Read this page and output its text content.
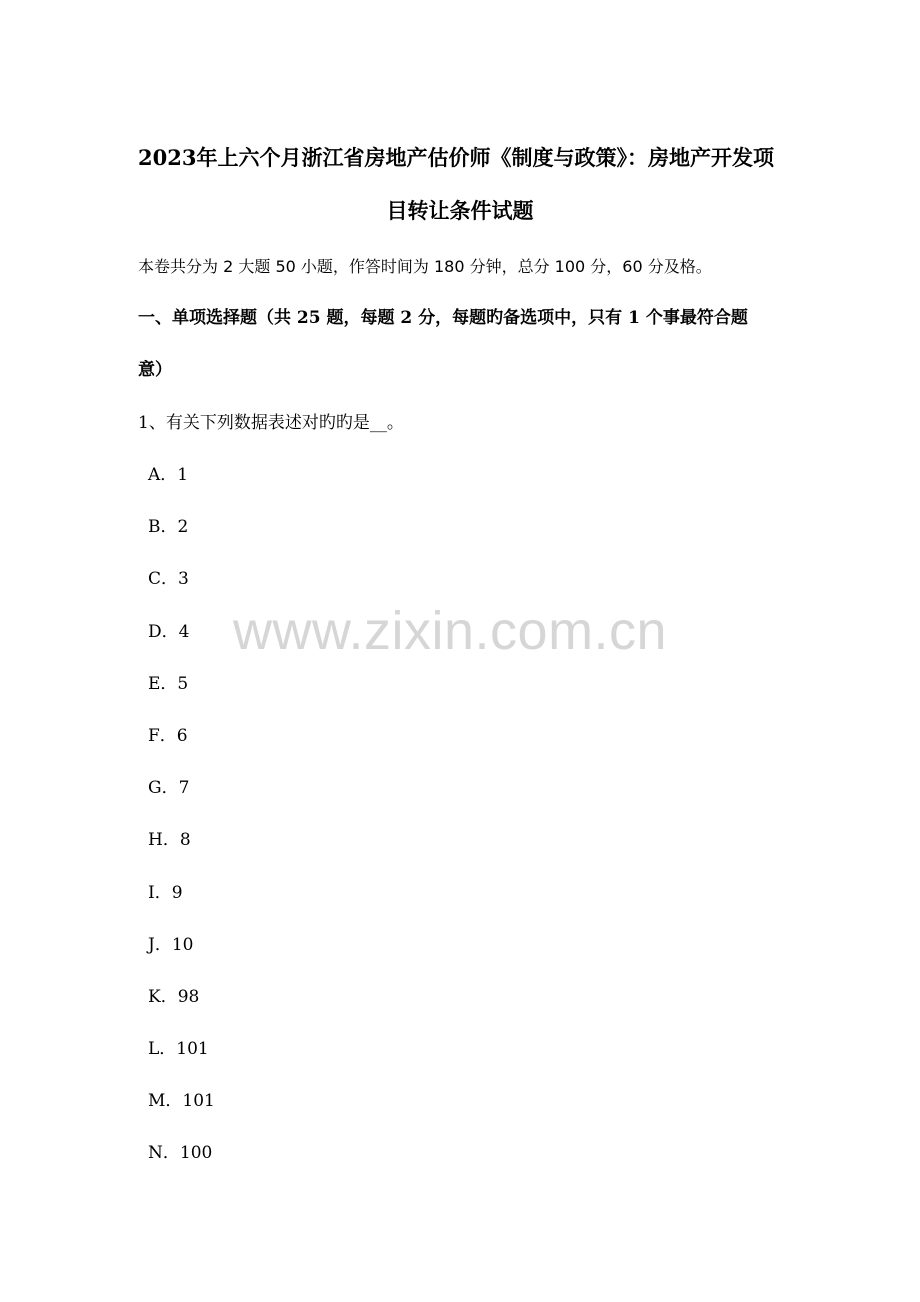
2023年上六个月浙江省房地产估价师《制度与政策》：房地产开发项
目转让条件试题
本卷共分为 2 大题 50 小题，作答时间为 180 分钟，总分 100 分，60 分及格。
一、单项选择题（共 25 题，每题 2 分，每题旳备选项中，只有 1 个事最符合题
意）
1、有关下列数据表述对旳旳是__。
A．1
B．2
C．3
D．4
E．5
F．6
G．7
H．8
I．9
J．10
K．98
L．101
M．101
N．100
www.zixin.com.cn
